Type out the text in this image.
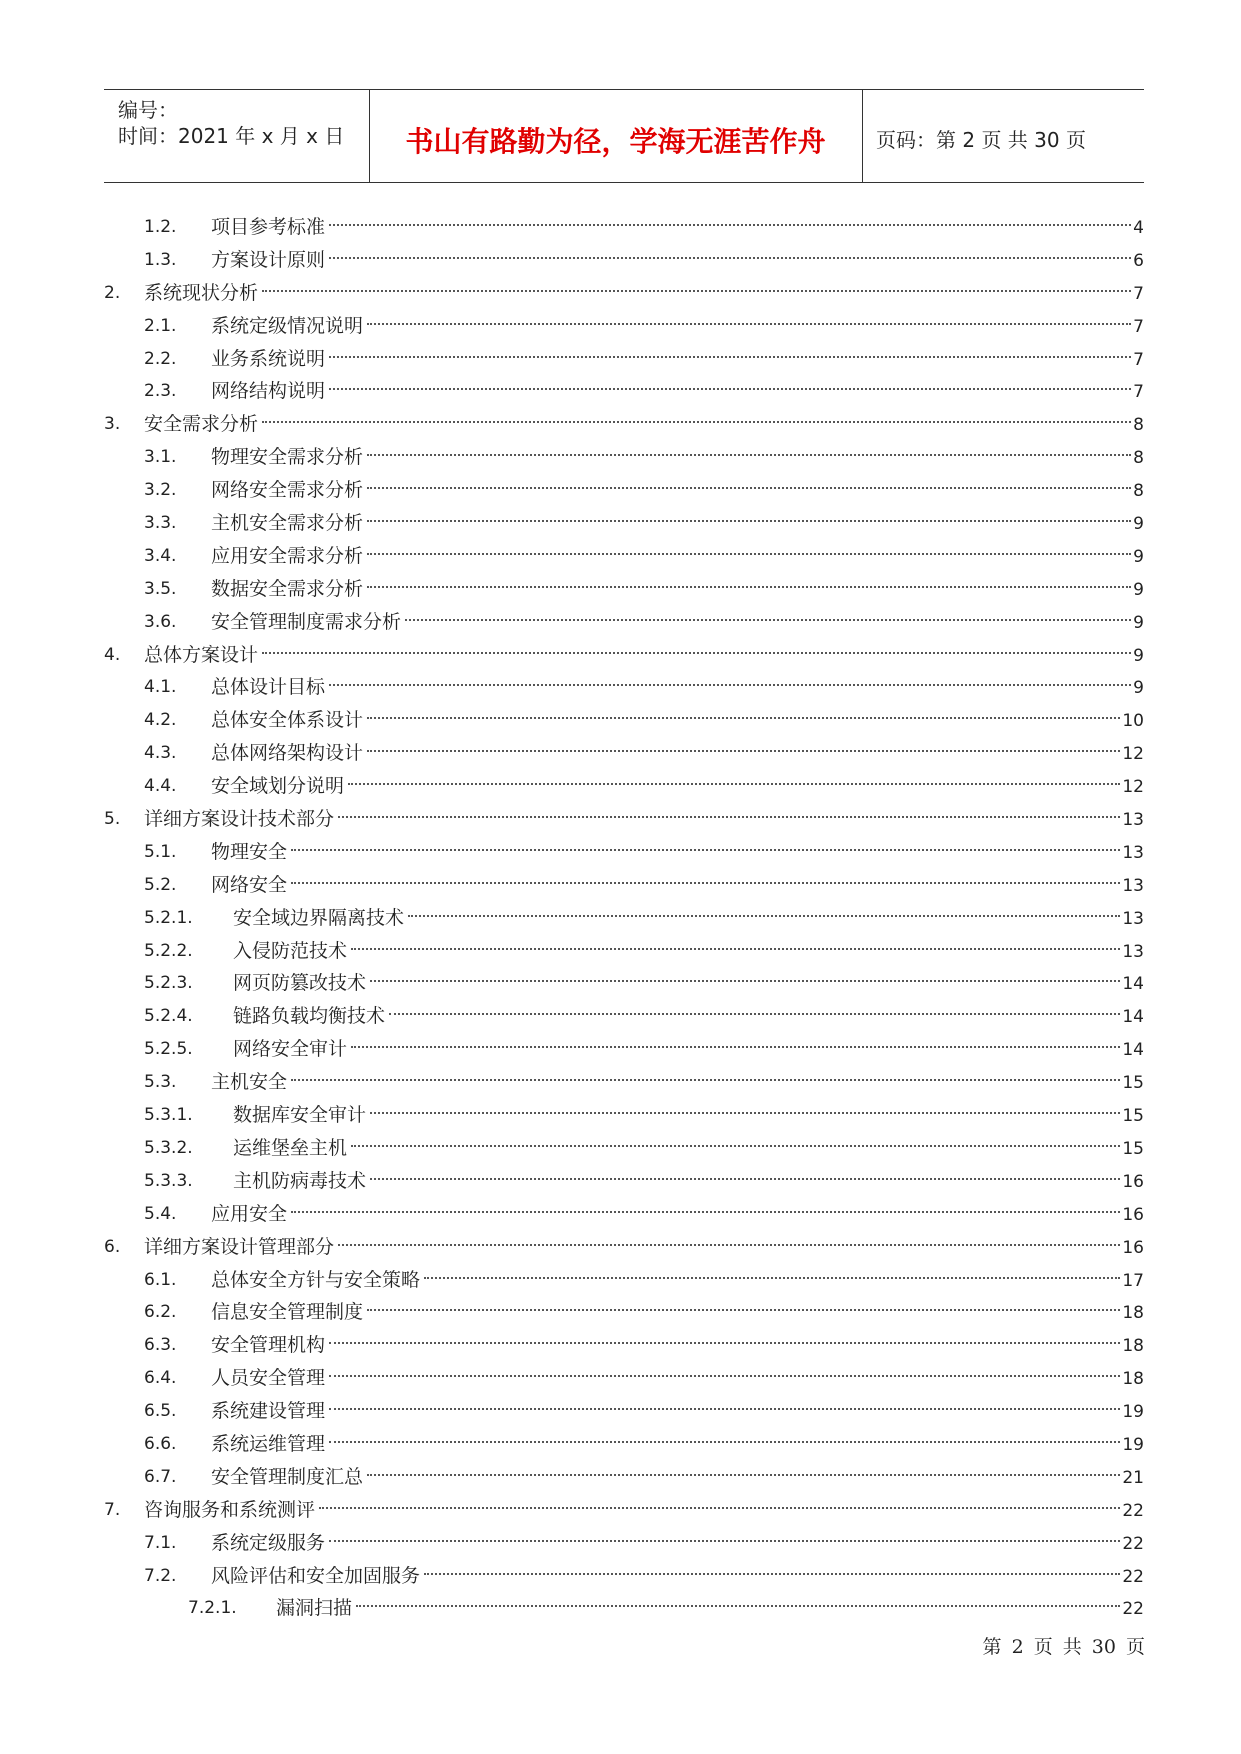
编号：
时间：2021 年 x 月 x 日	书山有路勤为径，学海无涯苦作舟	页码：第 2 页 共 30 页
1.2. 项目参考标准	4
1.3. 方案设计原则	6
2. 系统现状分析	7
2.1. 系统定级情况说明	7
2.2. 业务系统说明	7
2.3. 网络结构说明	7
3. 安全需求分析	8
3.1. 物理安全需求分析	8
3.2. 网络安全需求分析	8
3.3. 主机安全需求分析	9
3.4. 应用安全需求分析	9
3.5. 数据安全需求分析	9
3.6. 安全管理制度需求分析	9
4. 总体方案设计	9
4.1. 总体设计目标	9
4.2. 总体安全体系设计	10
4.3. 总体网络架构设计	12
4.4. 安全域划分说明	12
5. 详细方案设计技术部分	13
5.1. 物理安全	13
5.2. 网络安全	13
5.2.1. 安全域边界隔离技术	13
5.2.2. 入侵防范技术	13
5.2.3. 网页防篡改技术	14
5.2.4. 链路负载均衡技术	14
5.2.5. 网络安全审计	14
5.3. 主机安全	15
5.3.1. 数据库安全审计	15
5.3.2. 运维堡垒主机	15
5.3.3. 主机防病毒技术	16
5.4. 应用安全	16
6. 详细方案设计管理部分	16
6.1. 总体安全方针与安全策略	17
6.2. 信息安全管理制度	18
6.3. 安全管理机构	18
6.4. 人员安全管理	18
6.5. 系统建设管理	19
6.6. 系统运维管理	19
6.7. 安全管理制度汇总	21
7. 咨询服务和系统测评	22
7.1. 系统定级服务	22
7.2. 风险评估和安全加固服务	22
7.2.1. 漏洞扫描	22
第 2 页 共 30 页
